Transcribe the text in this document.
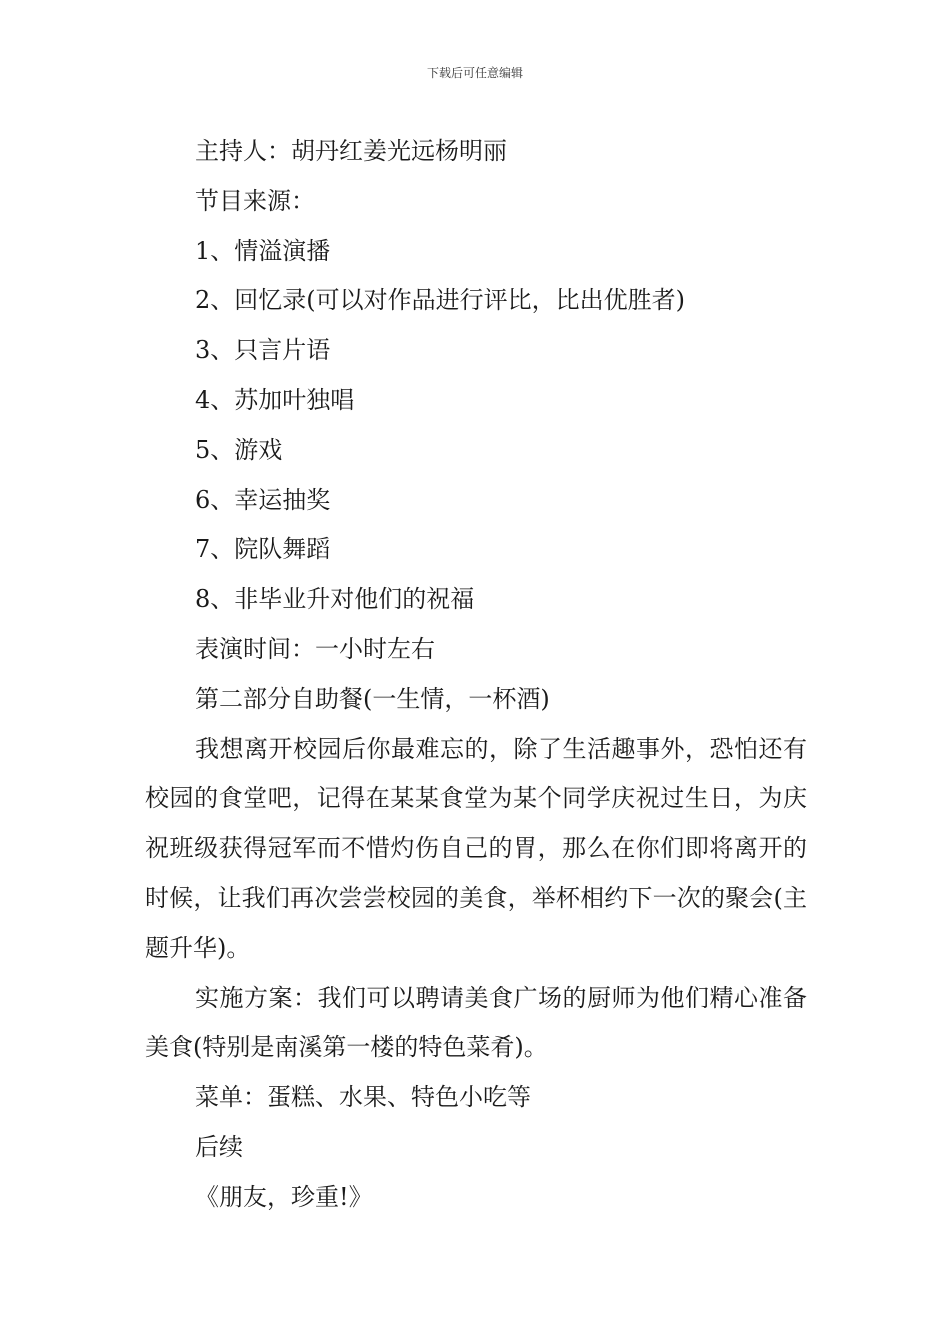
下载后可任意编辑

主持人：胡丹红姜光远杨明丽

节目来源：

1、情溢演播

2、回忆录(可以对作品进行评比，比出优胜者)

3、只言片语

4、苏加叶独唱

5、游戏

6、幸运抽奖

7、院队舞蹈

8、非毕业升对他们的祝福

表演时间：一小时左右

第二部分自助餐(一生情，一杯酒)

我想离开校园后你最难忘的，除了生活趣事外，恐怕还有校园的食堂吧，记得在某某食堂为某个同学庆祝过生日，为庆祝班级获得冠军而不惜灼伤自己的胃，那么在你们即将离开的时候，让我们再次尝尝校园的美食，举杯相约下一次的聚会(主题升华)。

实施方案：我们可以聘请美食广场的厨师为他们精心准备美食(特别是南溪第一楼的特色菜肴)。

菜单：蛋糕、水果、特色小吃等

后续

《朋友，珍重!》
